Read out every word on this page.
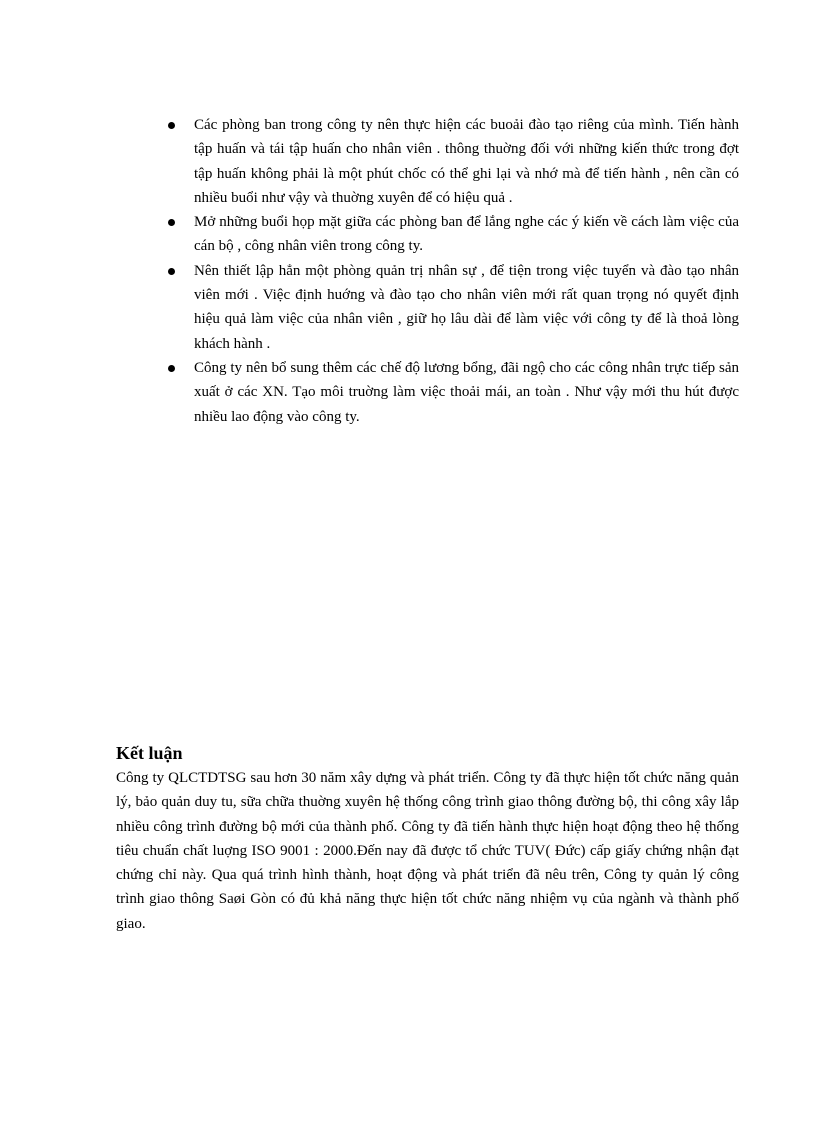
Các phòng ban trong công ty nên thực hiện các buoải đào tạo riêng của mình. Tiến hành tập huấn và tái tập huấn cho nhân viên . thông thuờng đối với những kiến thức trong đợt tập huấn không phải là một phút chốc có thể ghi lại và nhớ mà để tiến hành , nên cần có nhiều buổi như vậy và thuờng xuyên để có hiệu quả .
Mở những buổi họp mặt giữa các phòng ban để lắng nghe các ý kiến về cách làm việc của cán bộ , công nhân viên trong công ty.
Nên thiết lập hẳn một phòng quản trị nhân sự , để tiện trong việc tuyển và đào tạo nhân viên mới . Việc định huớng và đào tạo cho nhân viên mới rất quan trọng nó quyết định hiệu quả làm việc của nhân viên , giữ họ lâu dài để làm việc với công ty để là thoả lòng khách hành .
Công ty nên bổ sung thêm các chế độ lương bổng, đãi ngộ cho các công nhân trực tiếp sản xuất ở các XN. Tạo môi truờng làm việc thoải mái, an toàn . Như vậy mới thu hút được nhiều lao động vào công ty.
Kết luận

Công ty QLCTDTSG sau hơn 30 năm xây dựng và phát triển. Công ty đã thực hiện tốt chức năng quản lý, bảo quản duy tu, sữa chữa thuờng xuyên hệ thống công trình giao thông đường bộ, thi công xây lắp nhiều công trình đường bộ mới của thành phố. Công ty đã tiến hành thực hiện hoạt động theo hệ thống tiêu chuẩn chất luợng ISO 9001 : 2000.Đến nay đã được tổ chức TUV( Đức) cấp giấy chứng nhận đạt chứng chỉ này. Qua quá trình hình thành, hoạt động và phát triển đã nêu trên, Công ty quản lý công trình giao thông Saøi Gòn có đủ khả năng thực hiện tốt chức năng nhiệm vụ của ngành và thành phố giao.
